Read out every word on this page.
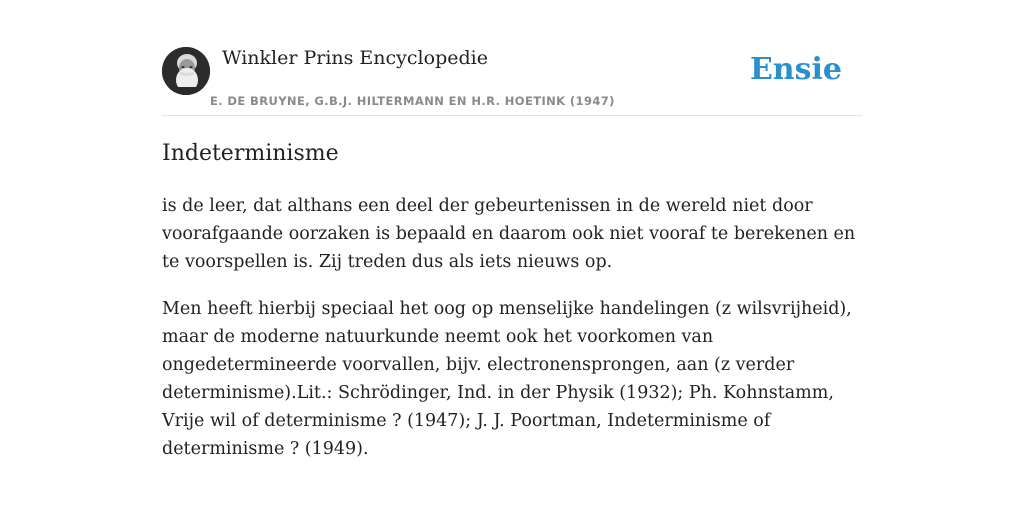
Winkler Prins Encyclopedie
E. DE BRUYNE, G.B.J. HILTERMANN EN H.R. HOETINK (1947)
Ensie
Indeterminisme

is de leer, dat althans een deel der gebeurtenissen in de wereld niet door voorafgaande oorzaken is bepaald en daarom ook niet vooraf te berekenen en te voorspellen is. Zij treden dus als iets nieuws op.

Men heeft hierbij speciaal het oog op menselijke handelingen (z wilsvrijheid), maar de moderne natuurkunde neemt ook het voorkomen van ongedetermineerde voorvallen, bijv. electronensprongen, aan (z verder determinisme).Lit.: Schrödinger, Ind. in der Physik (1932); Ph. Kohnstamm, Vrije wil of determinisme ? (1947); J. J. Poortman, Indeterminisme of determinisme ? (1949).
